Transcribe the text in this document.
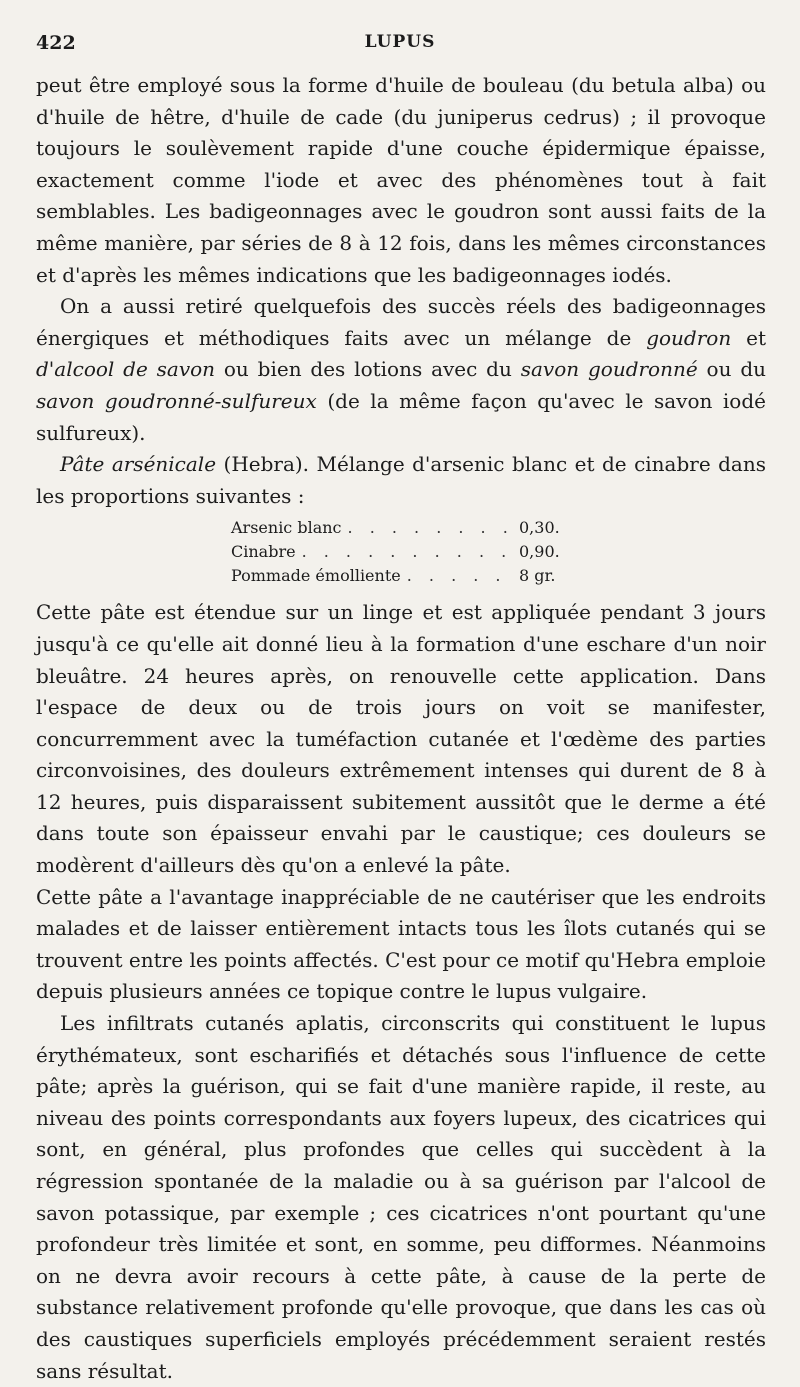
422	LUPUS

peut être employé sous la forme d'huile de bouleau (du betula alba) ou d'huile de hêtre, d'huile de cade (du juniperus cedrus) ; il provoque toujours le soulèvement rapide d'une couche épidermique épaisse, exactement comme l'iode et avec des phénomènes tout à fait semblables. Les badigeonnages avec le goudron sont aussi faits de la même manière, par séries de 8 à 12 fois, dans les mêmes circonstances et d'après les mêmes indications que les badigeonnages iodés.

On a aussi retiré quelquefois des succès réels des badigeonnages énergiques et méthodiques faits avec un mélange de goudron et d'alcool de savon ou bien des lotions avec du savon goudronné ou du savon goudronné-sulfureux (de la même façon qu'avec le savon iodé sulfureux).

Pâte arsénicale (Hebra). Mélange d'arsenic blanc et de cinabre dans les proportions suivantes :

Arsenic blanc . . .	0,30.
Cinabre . . .	0,90.
Pommade émolliente . . .	8 gr.

Cette pâte est étendue sur un linge et est appliquée pendant 3 jours jusqu'à ce qu'elle ait donné lieu à la formation d'une eschare d'un noir bleuâtre. 24 heures après, on renouvelle cette application. Dans l'espace de deux ou de trois jours on voit se manifester, concurremment avec la tuméfaction cutanée et l'œdème des parties circonvoisines, des douleurs extrêmement intenses qui durent de 8 à 12 heures, puis disparaissent subitement aussitôt que le derme a été dans toute son épaisseur envahi par le caustique; ces douleurs se modèrent d'ailleurs dès qu'on a enlevé la pâte.

Cette pâte a l'avantage inappréciable de ne cautériser que les endroits malades et de laisser entièrement intacts tous les îlots cutanés qui se trouvent entre les points affectés. C'est pour ce motif qu'Hebra emploie depuis plusieurs années ce topique contre le lupus vulgaire.

Les infiltrats cutanés aplatis, circonscrits qui constituent le lupus érythémateux, sont escharifiés et détachés sous l'influence de cette pâte; après la guérison, qui se fait d'une manière rapide, il reste, au niveau des points correspondants aux foyers lupeux, des cicatrices qui sont, en général, plus profondes que celles qui succèdent à la régression spontanée de la maladie ou à sa guérison par l'alcool de savon potassique, par exemple ; ces cicatrices n'ont pourtant qu'une profondeur très limitée et sont, en somme, peu difformes. Néanmoins on ne devra avoir recours à cette pâte, à cause de la perte de substance relativement profonde qu'elle provoque, que dans les cas où des caustiques superficiels employés précédemment seraient restés sans résultat.
